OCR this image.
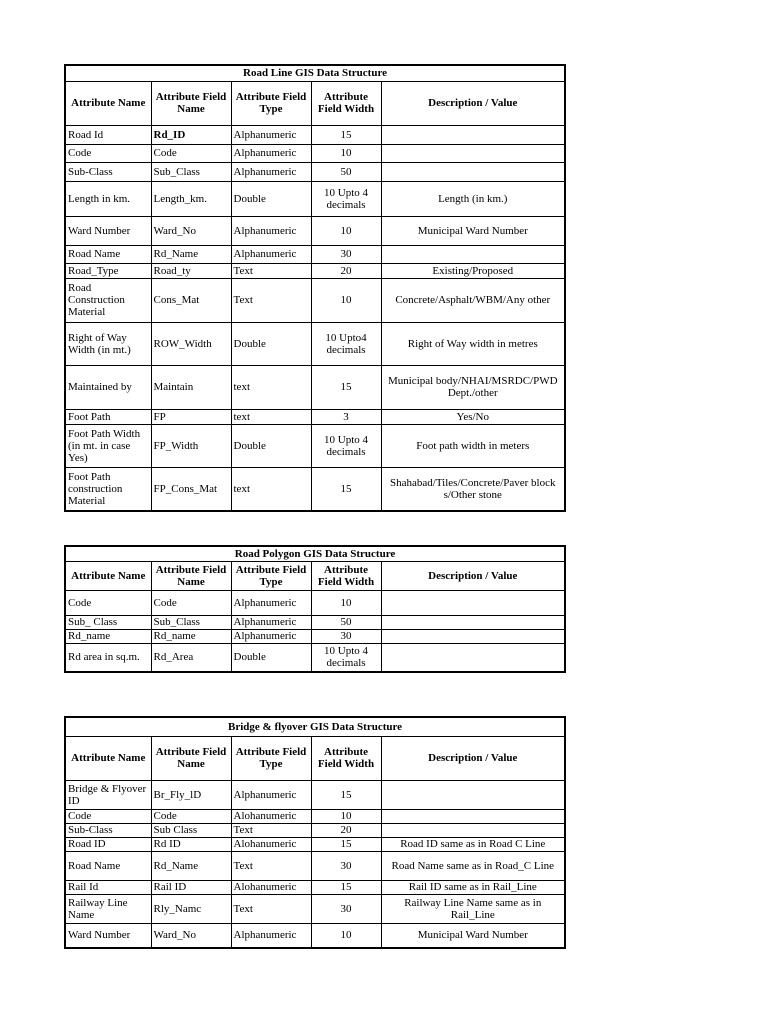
Road Line GIS Data Structure				
Attribute Name	Attribute Field Name	Attribute Field Type	Attribute Field Width	Description / Value
Road Id	Rd_ID	Alphanumeric	15	
Code	Code	Alphanumeric	10	
Sub-Class	Sub_Class	Alphanumeric	50	
Length in km.	Length_km.	Double	10 Upto 4 decimals	Length (in km.)
Ward Number	Ward_No	Alphanumeric	10	Municipal Ward Number
Road Name	Rd_Name	Alphanumeric	30	
Road_Type	Road_ty	Text	20	Existing/Proposed
Road Construction Material	Cons_Mat	Text	10	Concrete/Asphalt/WBM/Any other
Right of Way Width (in mt.)	ROW_Width	Double	10 Upto4 decimals	Right of Way width in metres
Maintained by	Maintain	text	15	Municipal body/NHAI/MSRDC/PWD Dept./other
Foot Path	FP	text	3	Yes/No
Foot Path Width (in mt. in case Yes)	FP_Width	Double	10 Upto 4 decimals	Foot path width in meters
Foot Path construction Material	FP_Cons_Mat	text	15	Shahabad/Tiles/Concrete/Paver block s/Other stone
Road Polygon GIS Data Structure				
Attribute Name	Attribute Field Name	Attribute Field Type	Attribute Field Width	Description / Value
Code	Code	Alphanumeric	10	
Sub_ Class	Sub_Class	Alphanumeric	50	
Rd_name	Rd_name	Alphanumeric	30	
Rd area in sq.m.	Rd_Area	Double	10 Upto 4 decimals	
Bridge & flyover GIS Data Structure				
Attribute Name	Attribute Field Name	Attribute Field Type	Attribute Field Width	Description / Value
Bridge & Flyover ID	Br_Fly_lD	Alphanumeric	15	
Code	Code	Alohanumeric	10	
Sub-Class	Sub Class	Text	20	
Road ID	Rd ID	Alohanumeric	15	Road ID same as in Road C Line
Road Name	Rd_Name	Text	30	Road Name same as in Road_C Line
Rail Id	Rail ID	Alohanumeric	15	Rail ID same as in Rail_Line
Railway Line Name	Rly_Namc	Text	30	Railway Line Name same as in Rail_Line
Ward Number	Ward_No	Alphanumeric	10	Municipal Ward Number
